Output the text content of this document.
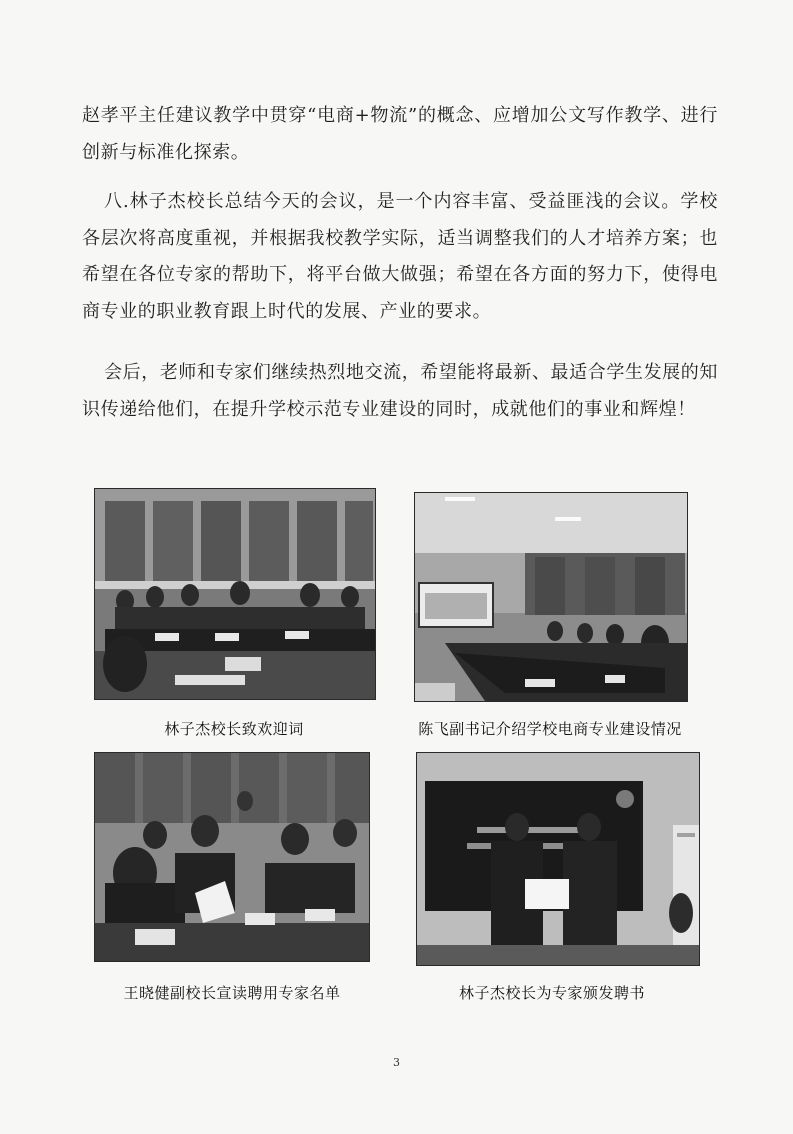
赵孝平主任建议教学中贯穿“电商+物流”的概念、应增加公文写作教学、进行创新与标准化探索。

八.林子杰校长总结今天的会议，是一个内容丰富、受益匪浅的会议。学校各层次将高度重视，并根据我校教学实际，适当调整我们的人才培养方案；也希望在各位专家的帮助下，将平台做大做强；希望在各方面的努力下，使得电商专业的职业教育跟上时代的发展、产业的要求。

会后，老师和专家们继续热烈地交流，希望能将最新、最适合学生发展的知识传递给他们，在提升学校示范专业建设的同时，成就他们的事业和辉煌！

林子杰校长致欢迎词	陈飞副书记介绍学校电商专业建设情况
王晓健副校长宣读聘用专家名单	林子杰校长为专家颁发聘书
3
